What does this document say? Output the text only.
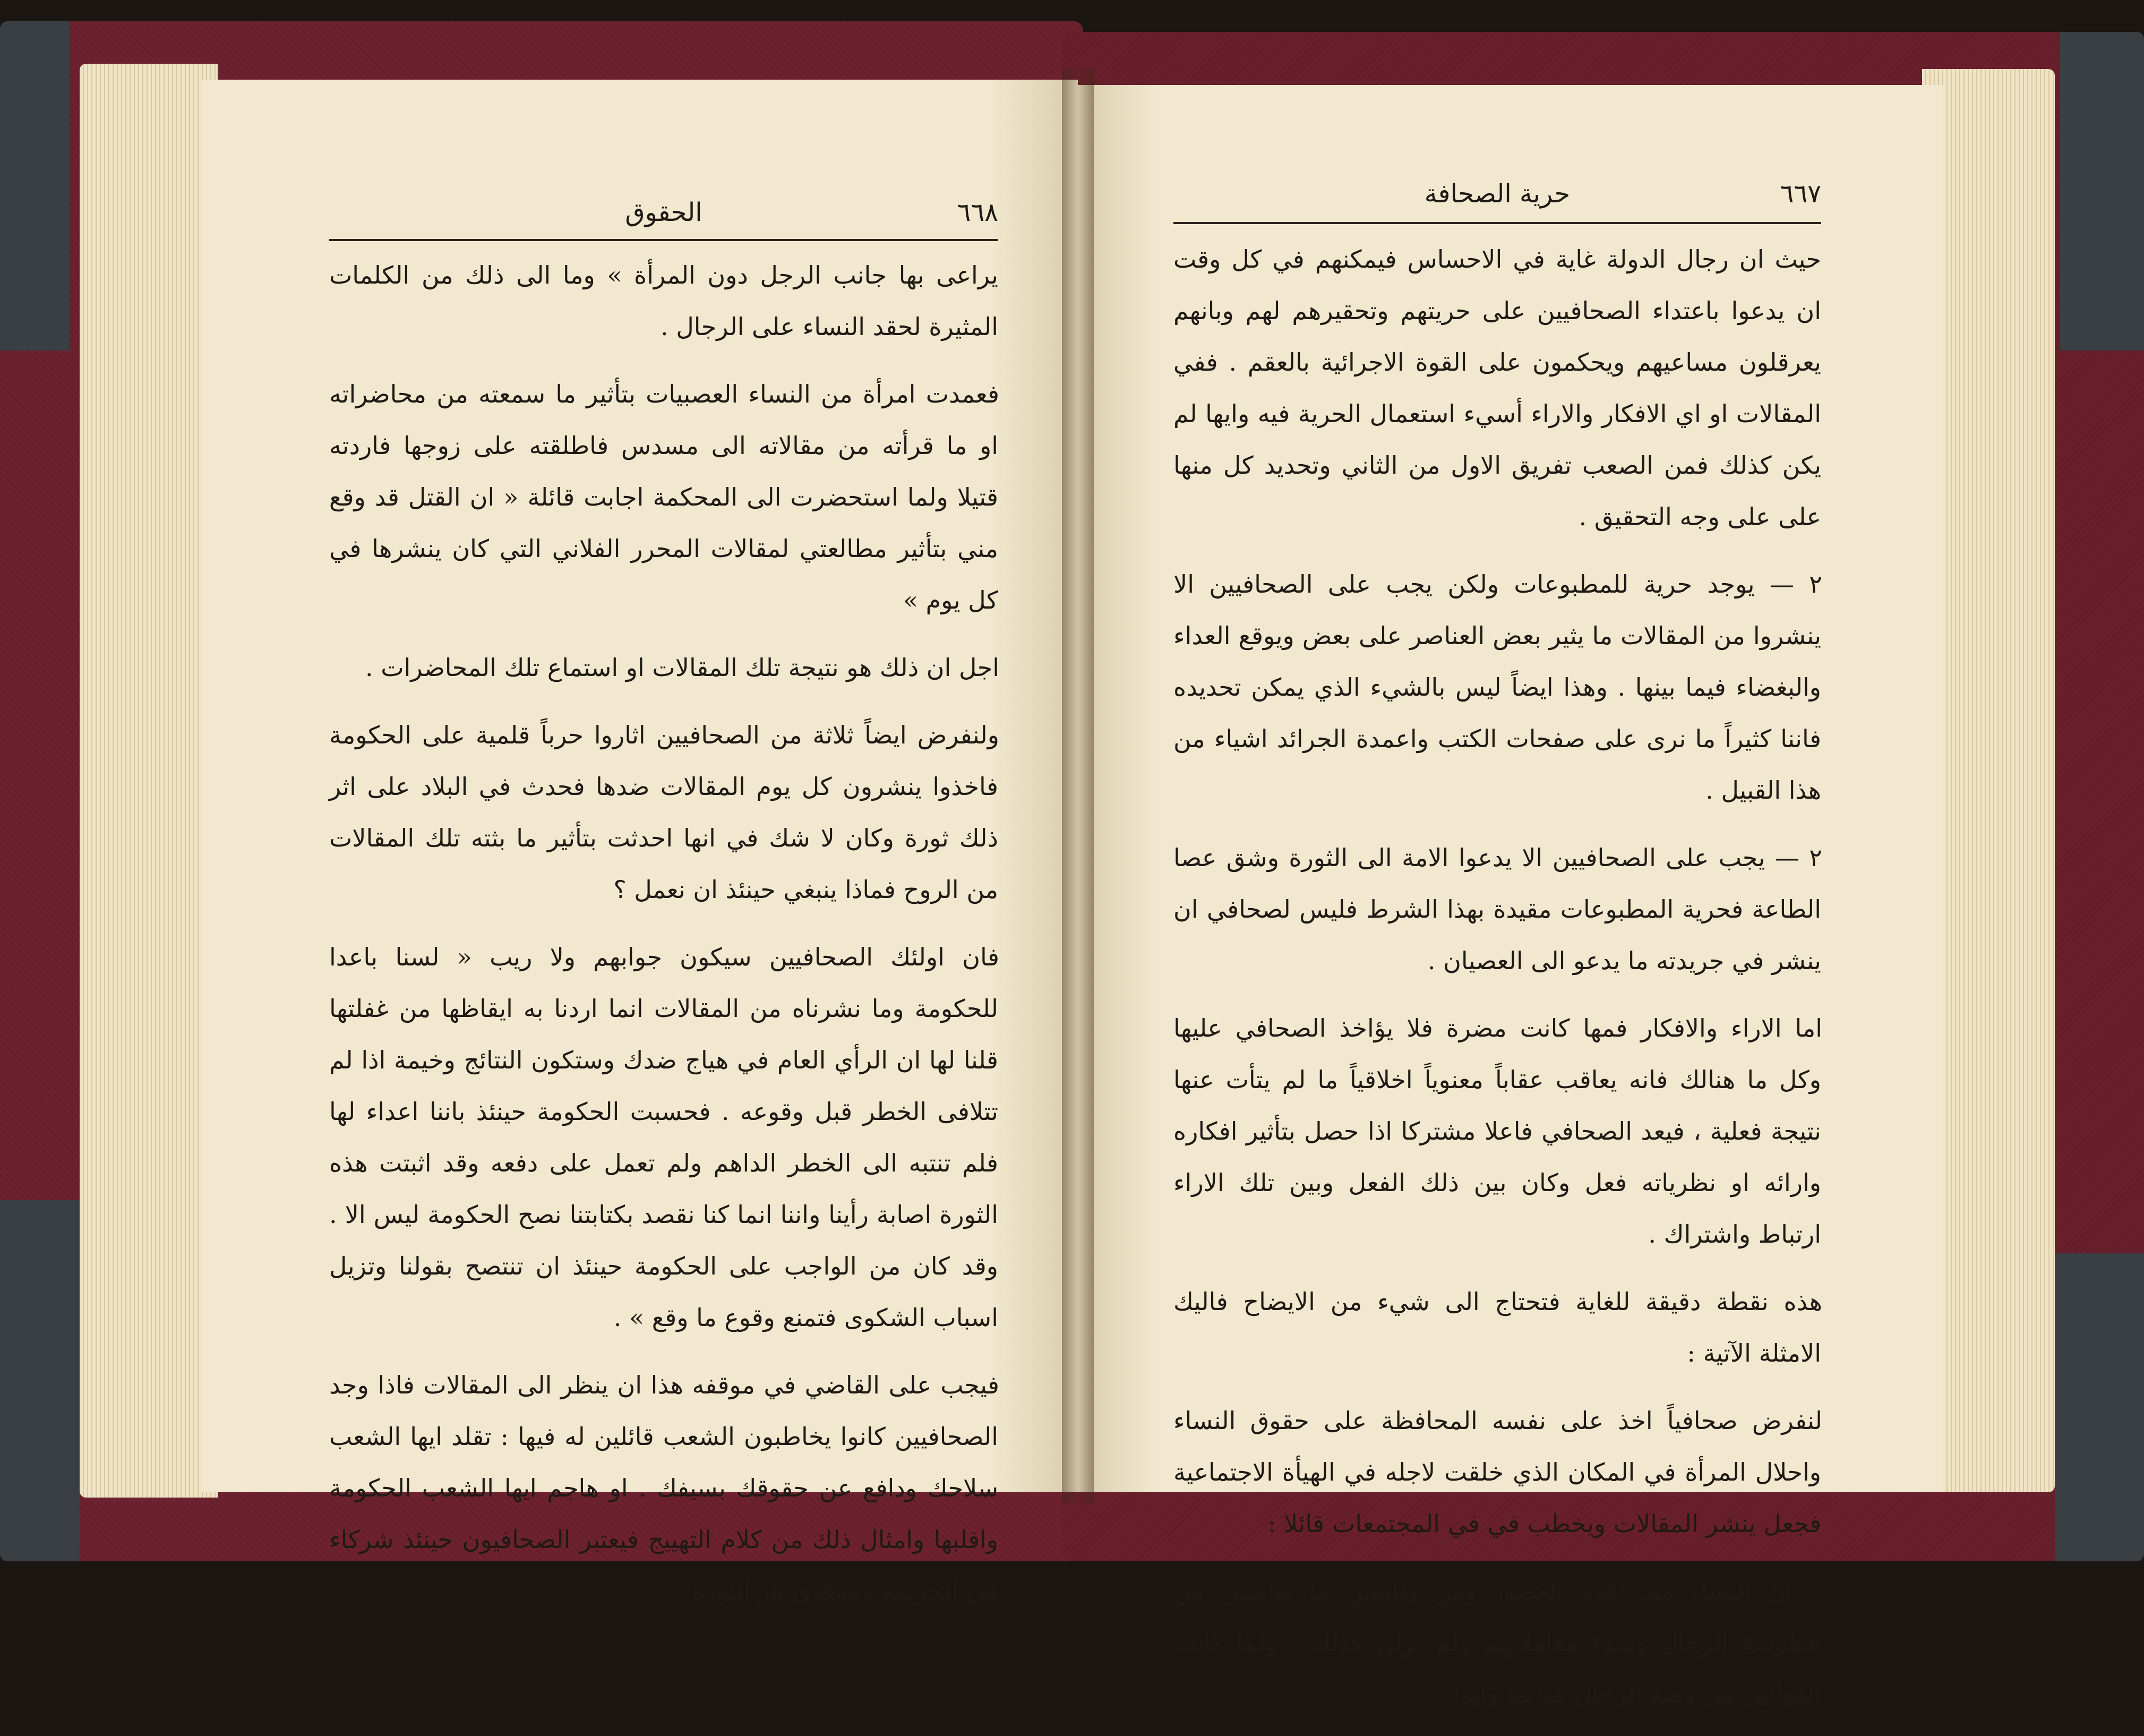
٦٦٨
الحقوق

يراعى بها جانب الرجل دون المرأة » وما الى ذلك من الكلمات المثيرة لحقد النساء على الرجال .

فعمدت امرأة من النساء العصبيات بتأثير ما سمعته من محاضراته او ما قرأته من مقالاته الى مسدس فاطلقته على زوجها فاردته قتيلا ولما استحضرت الى المحكمة اجابت قائلة « ان القتل قد وقع مني بتأثير مطالعتي لمقالات المحرر الفلاني التي كان ينشرها في كل يوم »

اجل ان ذلك هو نتيجة تلك المقالات او استماع تلك المحاضرات .

ولنفرض ايضاً ثلاثة من الصحافيين اثاروا حرباً قلمية على الحكومة فاخذوا ينشرون كل يوم المقالات ضدها فحدث في البلاد على اثر ذلك ثورة وكان لا شك في انها احدثت بتأثير ما بثته تلك المقالات من الروح فماذا ينبغي حينئذ ان نعمل ؟

فان اولئك الصحافيين سيكون جوابهم ولا ريب « لسنا باعدا للحكومة وما نشرناه من المقالات انما اردنا به ايقاظها من غفلتها قلنا لها ان الرأي العام في هياج ضدك وستكون النتائج وخيمة اذا لم تتلافى الخطر قبل وقوعه . فحسبت الحكومة حينئذ باننا اعداء لها فلم تنتبه الى الخطر الداهم ولم تعمل على دفعه وقد اثبتت هذه الثورة اصابة رأينا واننا انما كنا نقصد بكتابتنا نصح الحكومة ليس الا . وقد كان من الواجب على الحكومة حينئذ ان تنتصح بقولنا وتزيل اسباب الشكوى فتمنع وقوع ما وقع » .

فيجب على القاضي في موقفه هذا ان ينظر الى المقالات فاذا وجد الصحافيين كانوا يخاطبون الشعب قائلين له فيها : تقلد ايها الشعب سلاحك ودافع عن حقوقك بسيفك . او هاجم ايها الشعب الحكومة واقلبها وامثال ذلك من كلام التهييج فيعتبر الصحافيون حينئذ شركاء في الجريمة وموقدي نار الثورة .

٦٦٧
حرية الصحافة

حيث ان رجال الدولة غاية في الاحساس فيمكنهم في كل وقت ان يدعوا باعتداء الصحافيين على حريتهم وتحقيرهم لهم وبانهم يعرقلون مساعيهم ويحكمون على القوة الاجرائية بالعقم . ففي المقالات او اي الافكار والاراء أسيء استعمال الحرية فيه وايها لم يكن كذلك فمن الصعب تفريق الاول من الثاني وتحديد كل منها على على وجه التحقيق .

٢ — يوجد حرية للمطبوعات ولكن يجب على الصحافيين الا ينشروا من المقالات ما يثير بعض العناصر على بعض ويوقع العداء والبغضاء فيما بينها . وهذا ايضاً ليس بالشيء الذي يمكن تحديده فاننا كثيراً ما نرى على صفحات الكتب واعمدة الجرائد اشياء من هذا القبيل .

٢ — يجب على الصحافيين الا يدعوا الامة الى الثورة وشق عصا الطاعة فحرية المطبوعات مقيدة بهذا الشرط فليس لصحافي ان ينشر في جريدته ما يدعو الى العصيان .

اما الاراء والافكار فمها كانت مضرة فلا يؤاخذ الصحافي عليها وكل ما هنالك فانه يعاقب عقاباً معنوياً اخلاقياً ما لم يتأت عنها نتيجة فعلية ، فيعد الصحافي فاعلا مشتركا اذا حصل بتأثير افكاره وارائه او نظرياته فعل وكان بين ذلك الفعل وبين تلك الاراء ارتباط واشتراك .

هذه نقطة دقيقة للغاية فتحتاج الى شيء من الايضاح فاليك الامثلة الآتية :

لنفرض صحافياً اخذ على نفسه المحافظة على حقوق النساء واحلال المرأة في المكان الذي خلقت لاجله في الهيأة الاجتماعية فجعل ينشر المقالات ويخطب في في المجتمعات قائلا :

« ان النساء منذ اقدم العصور وهن يقاسين ما يقاسين من غطرسة الرجال وسوء معاملاتهم ولم يزلن كذلك . ولما كانت القوانين من وضع الرجال فدائما وابدا
